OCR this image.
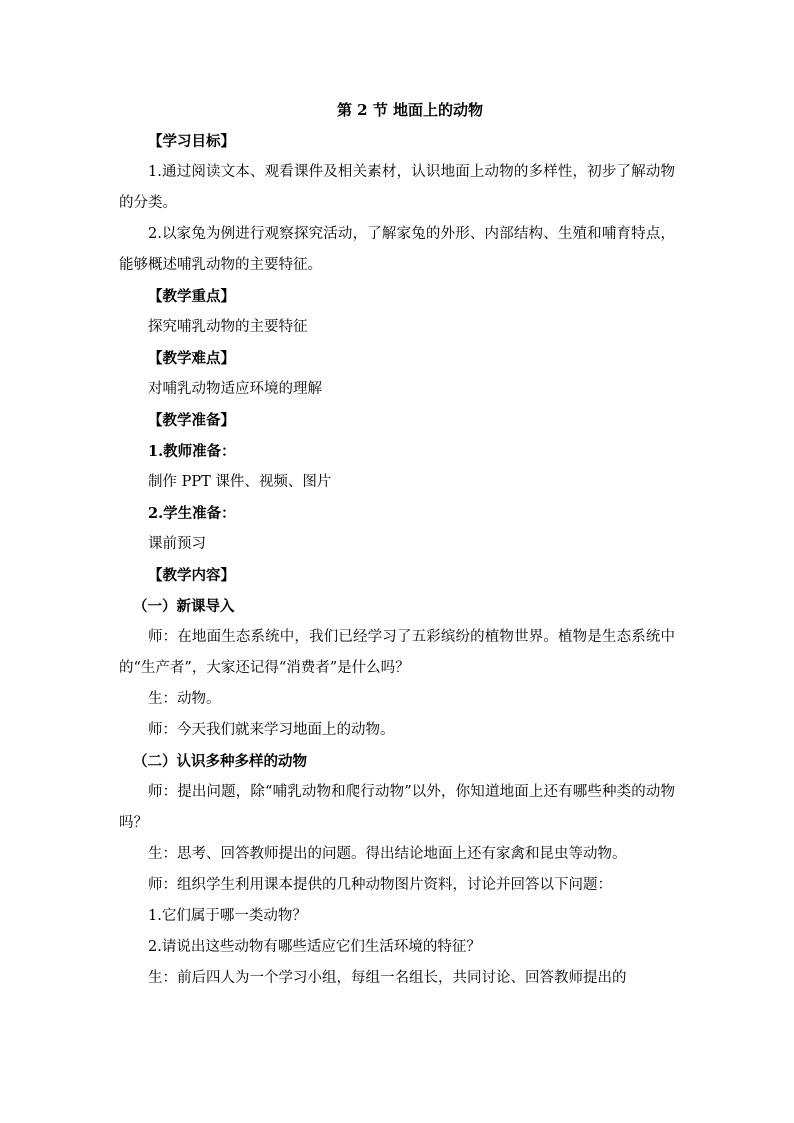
第 2 节 地面上的动物
【学习目标】
1.通过阅读文本、观看课件及相关素材，认识地面上动物的多样性，初步了解动物的分类。
2.以家兔为例进行观察探究活动，了解家兔的外形、内部结构、生殖和哺育特点，能够概述哺乳动物的主要特征。
【教学重点】
探究哺乳动物的主要特征
【教学难点】
对哺乳动物适应环境的理解
【教学准备】
1.教师准备：
制作 PPT 课件、视频、图片
2.学生准备：
课前预习
【教学内容】
（一）新课导入
师：在地面生态系统中，我们已经学习了五彩缤纷的植物世界。植物是生态系统中的“生产者”，大家还记得“消费者”是什么吗？
生：动物。
师：今天我们就来学习地面上的动物。
（二）认识多种多样的动物
师：提出问题，除“哺乳动物和爬行动物”以外，你知道地面上还有哪些种类的动物吗？
生：思考、回答教师提出的问题。得出结论地面上还有家禽和昆虫等动物。
师：组织学生利用课本提供的几种动物图片资料，讨论并回答以下问题：
1.它们属于哪一类动物？
2.请说出这些动物有哪些适应它们生活环境的特征？
生：前后四人为一个学习小组，每组一名组长，共同讨论、回答教师提出的
